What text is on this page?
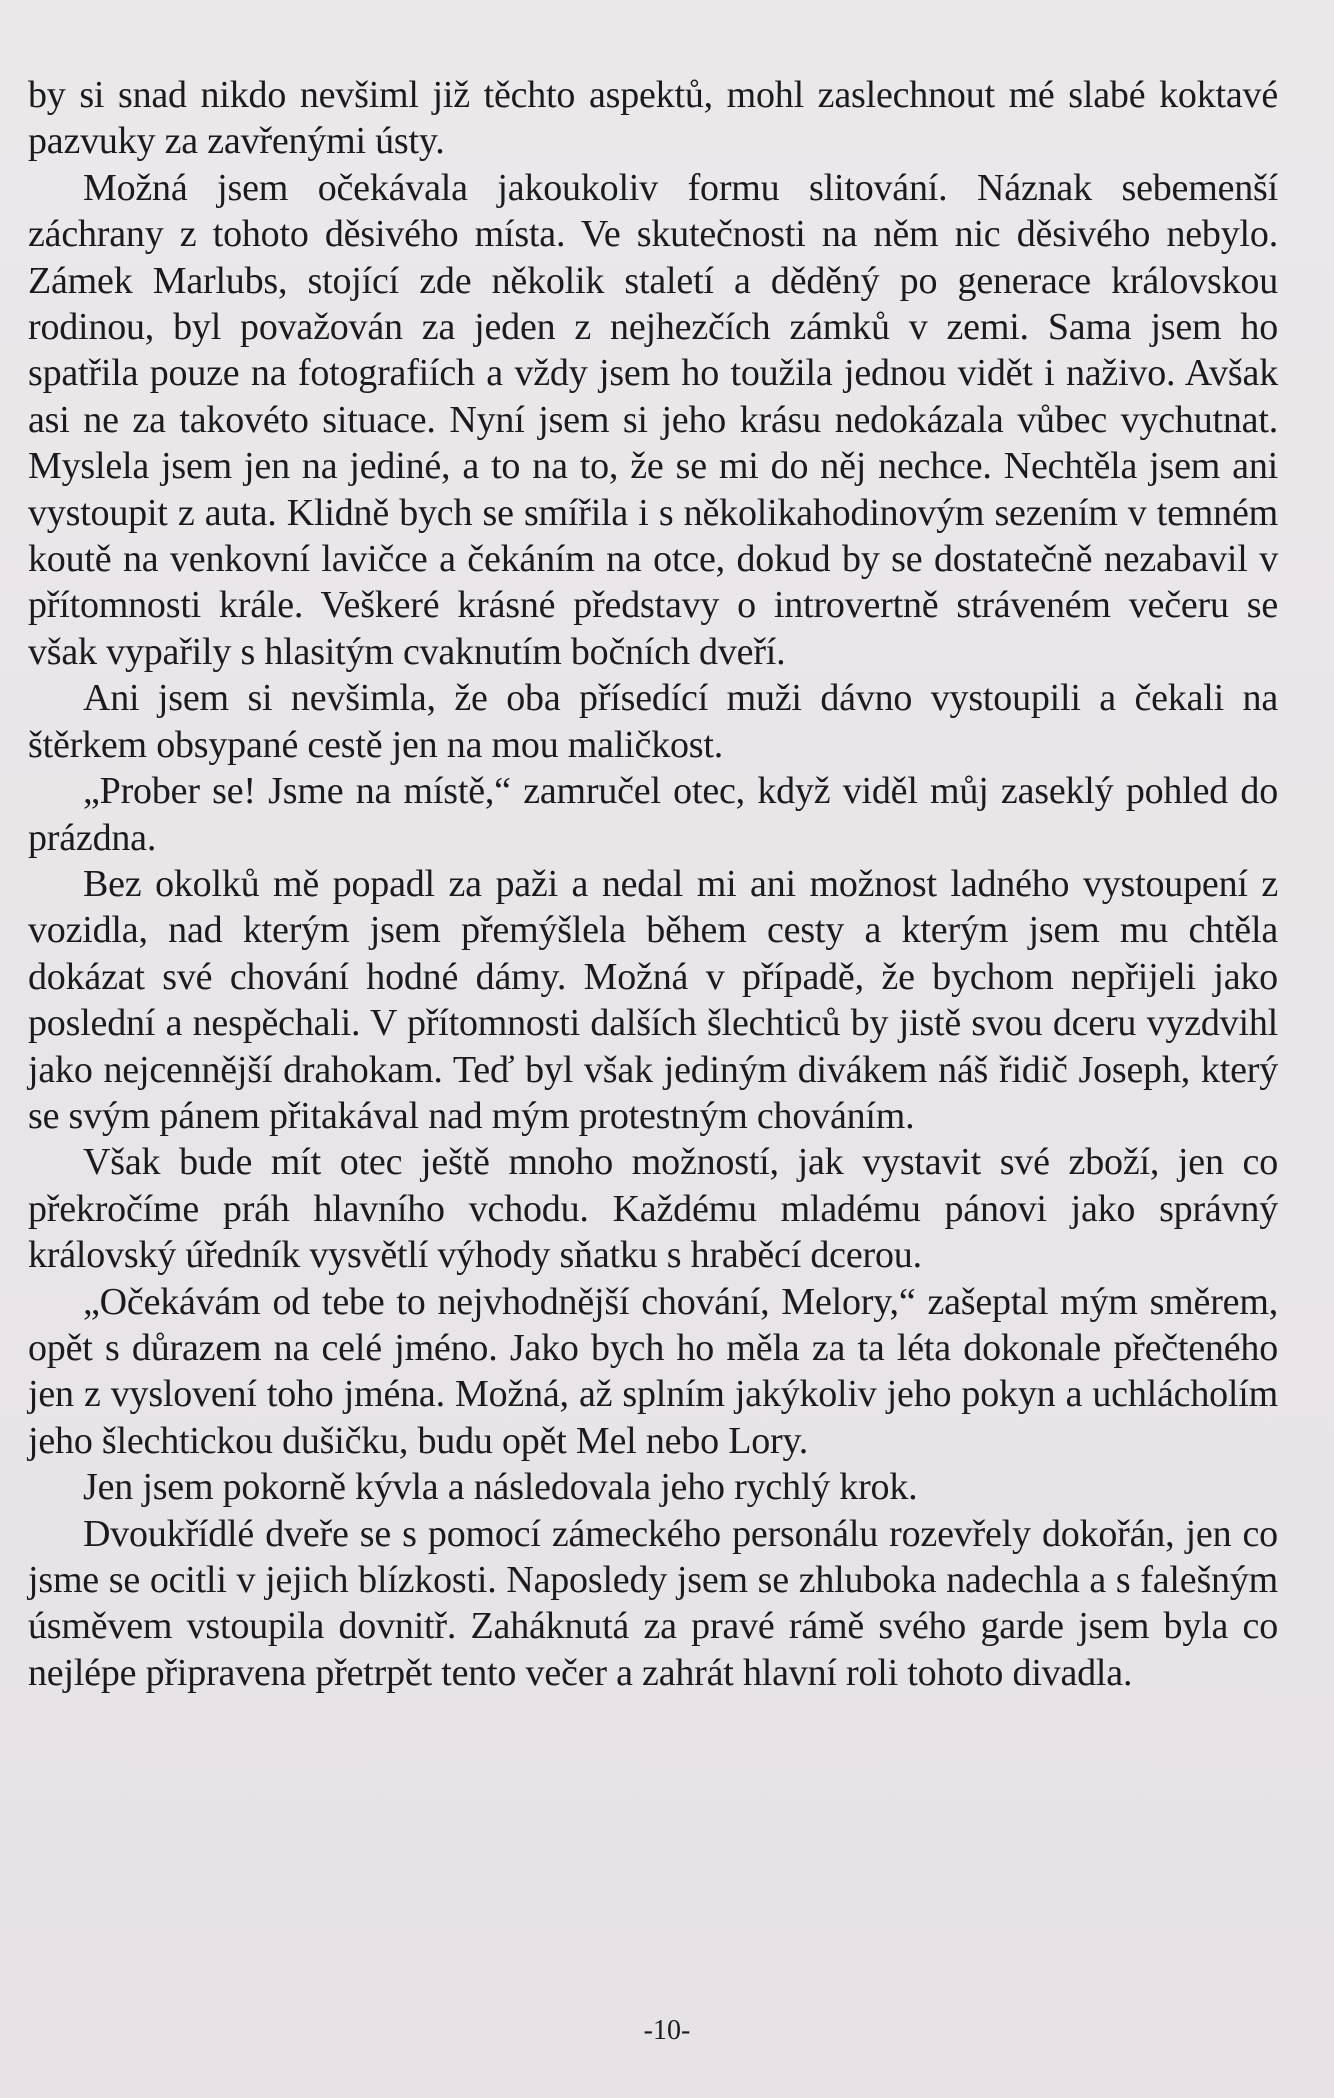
by si snad nikdo nevšiml již těchto aspektů, mohl zaslechnout mé slabé koktavé pazvuky za zavřenými ústy.

Možná jsem očekávala jakoukoliv formu slitování. Náznak sebemenší záchrany z tohoto děsivého místa. Ve skutečnosti na něm nic děsivého nebylo. Zámek Marlubs, stojící zde několik staletí a děděný po generace královskou rodinou, byl považován za jeden z nejhezčích zámků v zemi. Sama jsem ho spatřila pouze na fotografiích a vždy jsem ho toužila jednou vidět i naživo. Avšak asi ne za takovéto situace. Nyní jsem si jeho krásu nedokázala vůbec vychutnat. Myslela jsem jen na jediné, a to na to, že se mi do něj nechce. Nechtěla jsem ani vystoupit z auta. Klidně bych se smířila i s několikahodinovým sezením v temném koutě na venkovní lavičce a čekáním na otce, dokud by se dostatečně nezabavil v přítomnosti krále. Veškeré krásné představy o introvertně stráveném večeru se však vypařily s hlasitým cvaknutím bočních dveří.

Ani jsem si nevšimla, že oba přísedící muži dávno vystoupili a čekali na štěrkem obsypané cestě jen na mou maličkost.

„Prober se! Jsme na místě,“ zamručel otec, když viděl můj zaseklý pohled do prázdna.

Bez okolků mě popadl za paži a nedal mi ani možnost ladného vystoupení z vozidla, nad kterým jsem přemýšlela během cesty a kterým jsem mu chtěla dokázat své chování hodné dámy. Možná v případě, že bychom nepřijeli jako poslední a nespěchali. V přítomnosti dalších šlechticů by jistě svou dceru vyzdvihl jako nejcennější drahokam. Teď byl však jediným divákem náš řidič Joseph, který se svým pánem přitakával nad mým protestným chováním.

Však bude mít otec ještě mnoho možností, jak vystavit své zboží, jen co překročíme práh hlavního vchodu. Každému mladému pánovi jako správný královský úředník vysvětlí výhody sňatku s hraběcí dcerou.

„Očekávám od tebe to nejvhodnější chování, Melory,“ zašeptal mým směrem, opět s důrazem na celé jméno. Jako bych ho měla za ta léta dokonale přečteného jen z vyslovení toho jména. Možná, až splním jakýkoliv jeho pokyn a uchlácholím jeho šlechtickou dušičku, budu opět Mel nebo Lory.

Jen jsem pokorně kývla a následovala jeho rychlý krok.

Dvoukřídlé dveře se s pomocí zámeckého personálu rozevřely dokořán, jen co jsme se ocitli v jejich blízkosti. Naposledy jsem se zhluboka nadechla a s falešným úsměvem vstoupila dovnitř. Zaháknutá za pravé rámě svého garde jsem byla co nejlépe připravena přetrpět tento večer a zahrát hlavní roli tohoto divadla.

-10-
